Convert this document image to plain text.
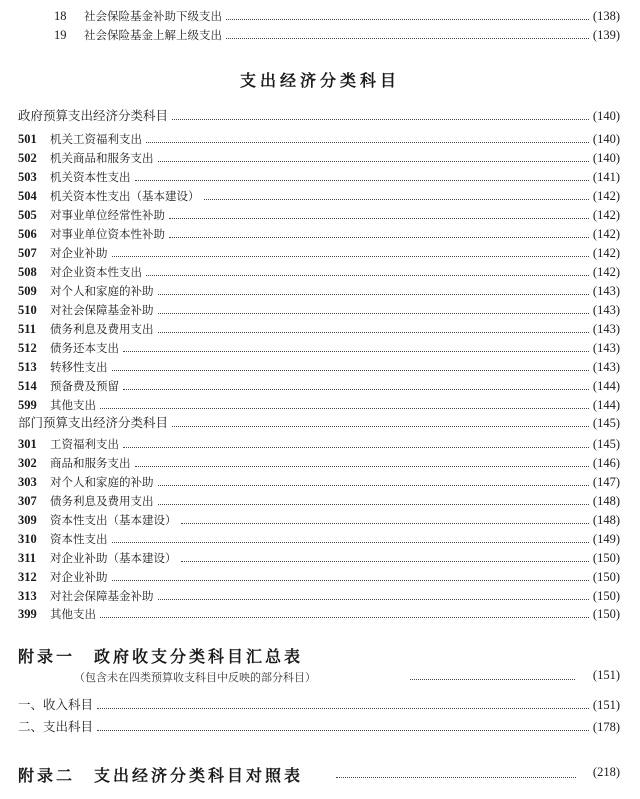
18	社会保险基金补助下级支出	(138)
19	社会保险基金上解上级支出	(139)
支出经济分类科目
政府预算支出经济分类科目	(140)
501	机关工资福利支出	(140)
502	机关商品和服务支出	(140)
503	机关资本性支出	(141)
504	机关资本性支出（基本建设）	(142)
505	对事业单位经常性补助	(142)
506	对事业单位资本性补助	(142)
507	对企业补助	(142)
508	对企业资本性支出	(142)
509	对个人和家庭的补助	(143)
510	对社会保障基金补助	(143)
511	债务利息及费用支出	(143)
512	债务还本支出	(143)
513	转移性支出	(143)
514	预备费及预留	(144)
599	其他支出	(144)
部门预算支出经济分类科目	(145)
301	工资福利支出	(145)
302	商品和服务支出	(146)
303	对个人和家庭的补助	(147)
307	债务利息及费用支出	(148)
309	资本性支出（基本建设）	(148)
310	资本性支出	(149)
311	对企业补助（基本建设）	(150)
312	对企业补助	(150)
313	对社会保障基金补助	(150)
399	其他支出	(150)
附录一　政府收支分类科目汇总表
（包含未在四类预算收支科目中反映的部分科目）	(151)
一、收入科目	(151)
二、支出科目	(178)
附录二　支出经济分类科目对照表	(218)
